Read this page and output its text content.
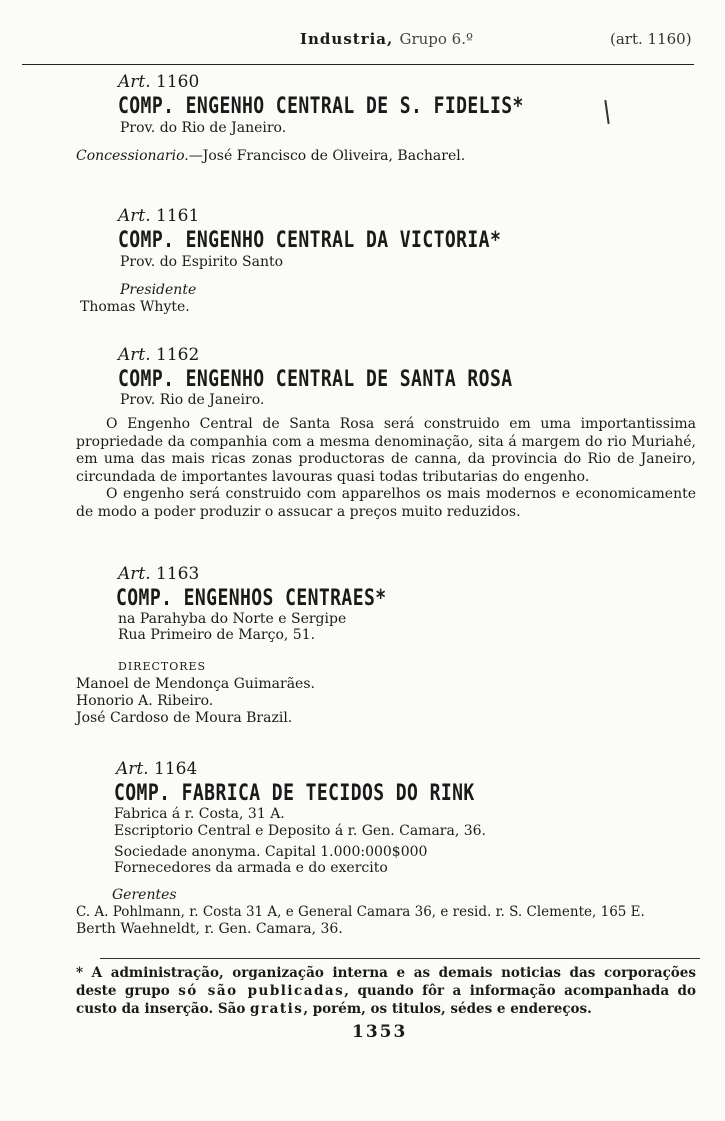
Industria, Grupo 6.º	(art. 1160)
Art. 1160
COMP. ENGENHO CENTRAL DE S. FIDELIS*
Prov. do Rio de Janeiro.
Concessionario.—José Francisco de Oliveira, Bacharel.
Art. 1161
COMP. ENGENHO CENTRAL DA VICTORIA*
Prov. do Espirito Santo
Presidente
Thomas Whyte.
Art. 1162
COMP. ENGENHO CENTRAL DE SANTA ROSA
Prov. Rio de Janeiro.

O Engenho Central de Santa Rosa será construido em uma importantissima propriedade da companhia com a mesma denominação, sita á margem do rio Muriahé, em uma das mais ricas zonas productoras de canna, da provincia do Rio de Janeiro, circundada de importantes lavouras quasi todas tributarias do engenho.

O engenho será construido com apparelhos os mais modernos e economicamente de modo a poder produzir o assucar a preços muito reduzidos.

Art. 1163
COMP. ENGENHOS CENTRAES*
na Parahyba do Norte e Sergipe
Rua Primeiro de Março, 51.
DIRECTORES
Manoel de Mendonça Guimarães.
Honorio A. Ribeiro.
José Cardoso de Moura Brazil.
Art. 1164
COMP. FABRICA DE TECIDOS DO RINK
Fabrica á r. Costa, 31 A.
Escriptorio Central e Deposito á r. Gen. Camara, 36.
Sociedade anonyma. Capital 1.000:000$000
Fornecedores da armada e do exercito
Gerentes
C. A. Pohlmann, r. Costa 31 A, e General Camara 36, e resid. r. S. Clemente, 165 E.
Berth Waehneldt, r. Gen. Camara, 36.
* A administração, organização interna e as demais noticias das corporações deste grupo só são publicadas, quando fôr a informação acompanhada do custo da inserção. São gratis, porém, os titulos, sédes e endereços.
1353
